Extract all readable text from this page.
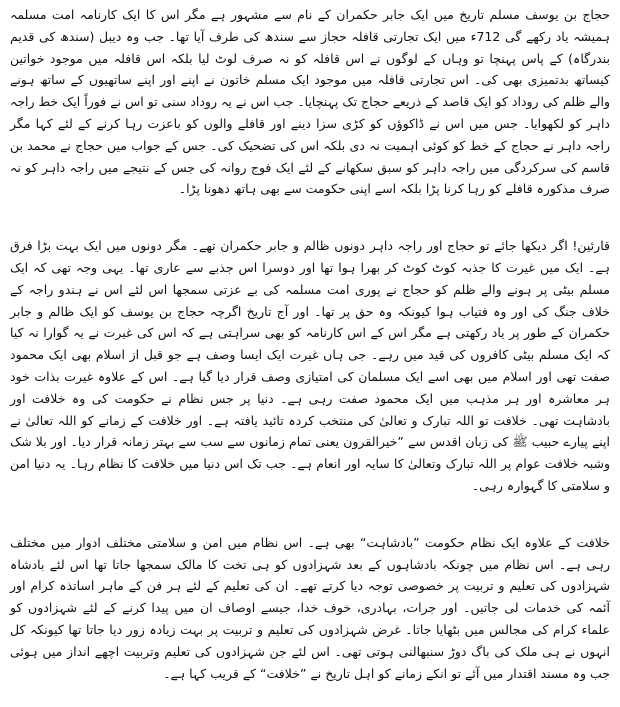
حجاج بن یوسف مسلم تاریخ میں ایک جابر حکمران کے نام سے مشہور ہے مگر اس کا ایک کارنامہ امت مسلمہ ہمیشہ یاد رکھے گی 712ء میں ایک تجارتی قافلہ حجاز سے سندھ کی طرف آیا تھا۔ جب وہ دیبل (سندھ کی قدیم بندرگاہ) کے پاس پہنچا تو وہاں کے لوگوں نے اس قافلہ کو نہ صرف لوٹ لیا بلکہ اس قافلہ میں موجود خواتین کیساتھ بدتمیزی بھی کی۔ اس تجارتی قافلہ میں موجود ایک مسلم خاتون نے اپنے اور اپنے ساتھیوں کے ساتھ ہونے والے ظلم کی روداد کو ایک قاصد کے ذریعے حجاج تک پہنچایا۔ جب اس نے یہ روداد سنی تو اس نے فوراً ایک خط راجہ داہر کو لکھوایا۔ جس میں اس نے ڈاکوؤں کو کڑی سزا دینے اور قافلے والوں کو باعزت رہا کرنے کے لئے کہا مگر راجہ داہر نے حجاج کے خط کو کوئی اہمیت نہ دی بلکہ اس کی تضحیک کی۔ جس کے جواب میں حجاج نے محمد بن قاسم کی سرکردگی میں راجہ داہر کو سبق سکھانے کے لئے ایک فوج روانہ کی جس کے نتیجے میں راجہ داہر کو نہ صرف مذکورہ قافلے کو رہا کرنا پڑا بلکہ اسے اپنی حکومت سے بھی ہاتھ دھونا پڑا۔

قارئین! اگر دیکھا جائے تو حجاج اور راجہ داہر دونوں ظالم و جابر حکمران تھے۔ مگر دونوں میں ایک بہت بڑا فرق ہے۔ ایک میں غیرت کا جذبہ کوٹ کوٹ کر بھرا ہوا تھا اور دوسرا اس جذبے سے عاری تھا۔ یہی وجہ تھی کہ ایک مسلم بیٹی پر ہونے والے ظلم کو حجاج نے پوری امت مسلمہ کی بے عزتی سمجھا اس لئے اس نے ہندو راجہ کے خلاف جنگ کی اور وہ فتیاب ہوا کیونکہ وہ حق پر تھا۔ اور آج تاریخ اگرچہ حجاج بن یوسف کو ایک ظالم و جابر حکمران کے طور پر یاد رکھتی ہے مگر اس کے اس کارنامہ کو بھی سراہتی ہے کہ اس کی غیرت نے یہ گوارا نہ کیا کہ ایک مسلم بیٹی کافروں کی قید میں رہے۔ جی ہاں غیرت ایک ایسا وصف ہے جو قبل از اسلام بھی ایک محمود صفت تھی اور اسلام میں بھی اسے ایک مسلمان کی امتیازی وصف قرار دیا گیا ہے۔ اس کے علاوہ غیرت بذات خود ہر معاشرہ اور ہر مذہب میں ایک محمود صفت رہی ہے۔ دنیا پر جس نظام نے حکومت کی وہ خلافت اور بادشاہت تھی۔ خلافت تو اللہ تبارک و تعالیٰ کی منتخب کردہ تائید یافتہ ہے۔ اور خلافت کے زمانے کو اللہ تعالیٰ نے اپنے پیارے حبیب ﷺ کی زبان اقدس سے ”خیرالقرون یعنی تمام زمانوں سے سب سے بہتر زمانہ قرار دیا۔ اور بلا شک وشبہ خلافت عوام پر اللہ تبارک وتعالیٰ کا سایہ اور انعام ہے۔ جب تک اس دنیا میں خلافت کا نظام رہا۔ یہ دنیا امن و سلامتی کا گہوارہ رہی۔

خلافت کے علاوہ ایک نظام حکومت ”بادشاہت“ بھی ہے۔ اس نظام میں امن و سلامتی مختلف ادوار میں مختلف رہی ہے۔ اس نظام میں چونکہ بادشاہوں کے بعد شہزادوں کو ہی تخت کا مالک سمجھا جاتا تھا اس لئے بادشاہ شہزادوں کی تعلیم و تربیت پر خصوصی توجہ دیا کرتے تھے۔ ان کی تعلیم کے لئے ہر فن کے ماہر اساتذہ کرام اور آئمہ کی خدمات لی جاتیں۔ اور جرات، بہادری، خوف خدا، جیسے اوصاف ان میں پیدا کرنے کے لئے شہزادوں کو علماء کرام کی مجالس میں بٹھایا جاتا۔ غرض شہزادوں کی تعلیم و تربیت پر بہت زیادہ زور دیا جاتا تھا کیونکہ کل انہوں نے ہی ملک کی باگ دوڑ سنبھالنی ہوتی تھی۔ اس لئے جن شہزادوں کی تعلیم وتربیت اچھے انداز میں ہوئی جب وہ مسند اقتدار میں آئے تو انکے زمانے کو اہل تاریخ نے ”خلافت“ کے قریب کہا ہے۔
